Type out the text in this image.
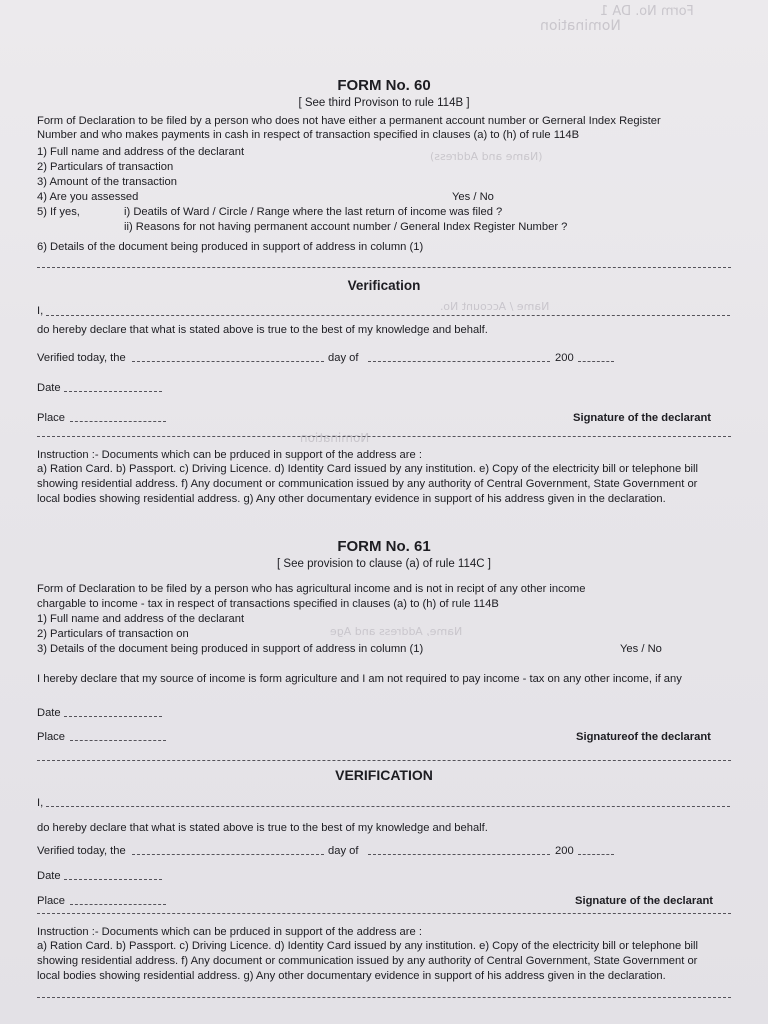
Nomination
Form No. DA 1
(Name and Address)
Name / Account No.
Nomination
Name, Address and Age
FORM No. 60
[ See third Provison to rule 114B ]
Form of Declaration to be filed by a person who does not have either a permanent account number or Gerneral Index Register
Number and who makes payments in cash in respect of transaction specified in clauses (a) to (h) of rule 114B
1) Full name and address of the declarant
2) Particulars of transaction
3) Amount of the transaction
4) Are you assessed	Yes / No
5) If yes,	i) Deatils of Ward / Circle / Range where the last return of income was filed ?
ii) Reasons for not having permanent account number / General Index Register Number ?
6) Details of the document being produced in support of address in column (1)
Verification
I,
do hereby declare that what is stated above is true to the best of my knowledge and behalf.
Verified today, the	day of	200
Date
Place	Signature of the declarant
Instruction :- Documents which can be prduced in support of the address are :
a) Ration Card. b) Passport. c) Driving Licence. d) Identity Card issued by any institution. e) Copy of the electricity bill or telephone bill
showing residential address. f) Any document or communication issued by any authority of Central Government, State Government or
local bodies showing residential address. g) Any other documentary evidence in support of his address given in the declaration.
FORM No. 61
[ See provision to clause (a) of rule 114C ]
Form of Declaration to be filed by a person who has agricultural income and is not in recipt of any other income
chargable to income - tax in respect of transactions specified in clauses (a) to (h) of rule 114B
1) Full name and address of the declarant
2) Particulars of transaction on
3) Details of the document being produced in support of address in column (1)	Yes / No
I hereby declare that my source of income is form agriculture and I am not required to pay income - tax on any other income, if any
Date
Place	Signatureof the declarant
VERIFICATION
I,
do hereby declare that what is stated above is true to the best of my knowledge and behalf.
Verified today, the	day of	200
Date
Place	Signature of the declarant
Instruction :- Documents which can be prduced in support of the address are :
a) Ration Card. b) Passport. c) Driving Licence. d) Identity Card issued by any institution. e) Copy of the electricity bill or telephone bill
showing residential address. f) Any document or communication issued by any authority of Central Government, State Government or
local bodies showing residential address. g) Any other documentary evidence in support of his address given in the declaration.
